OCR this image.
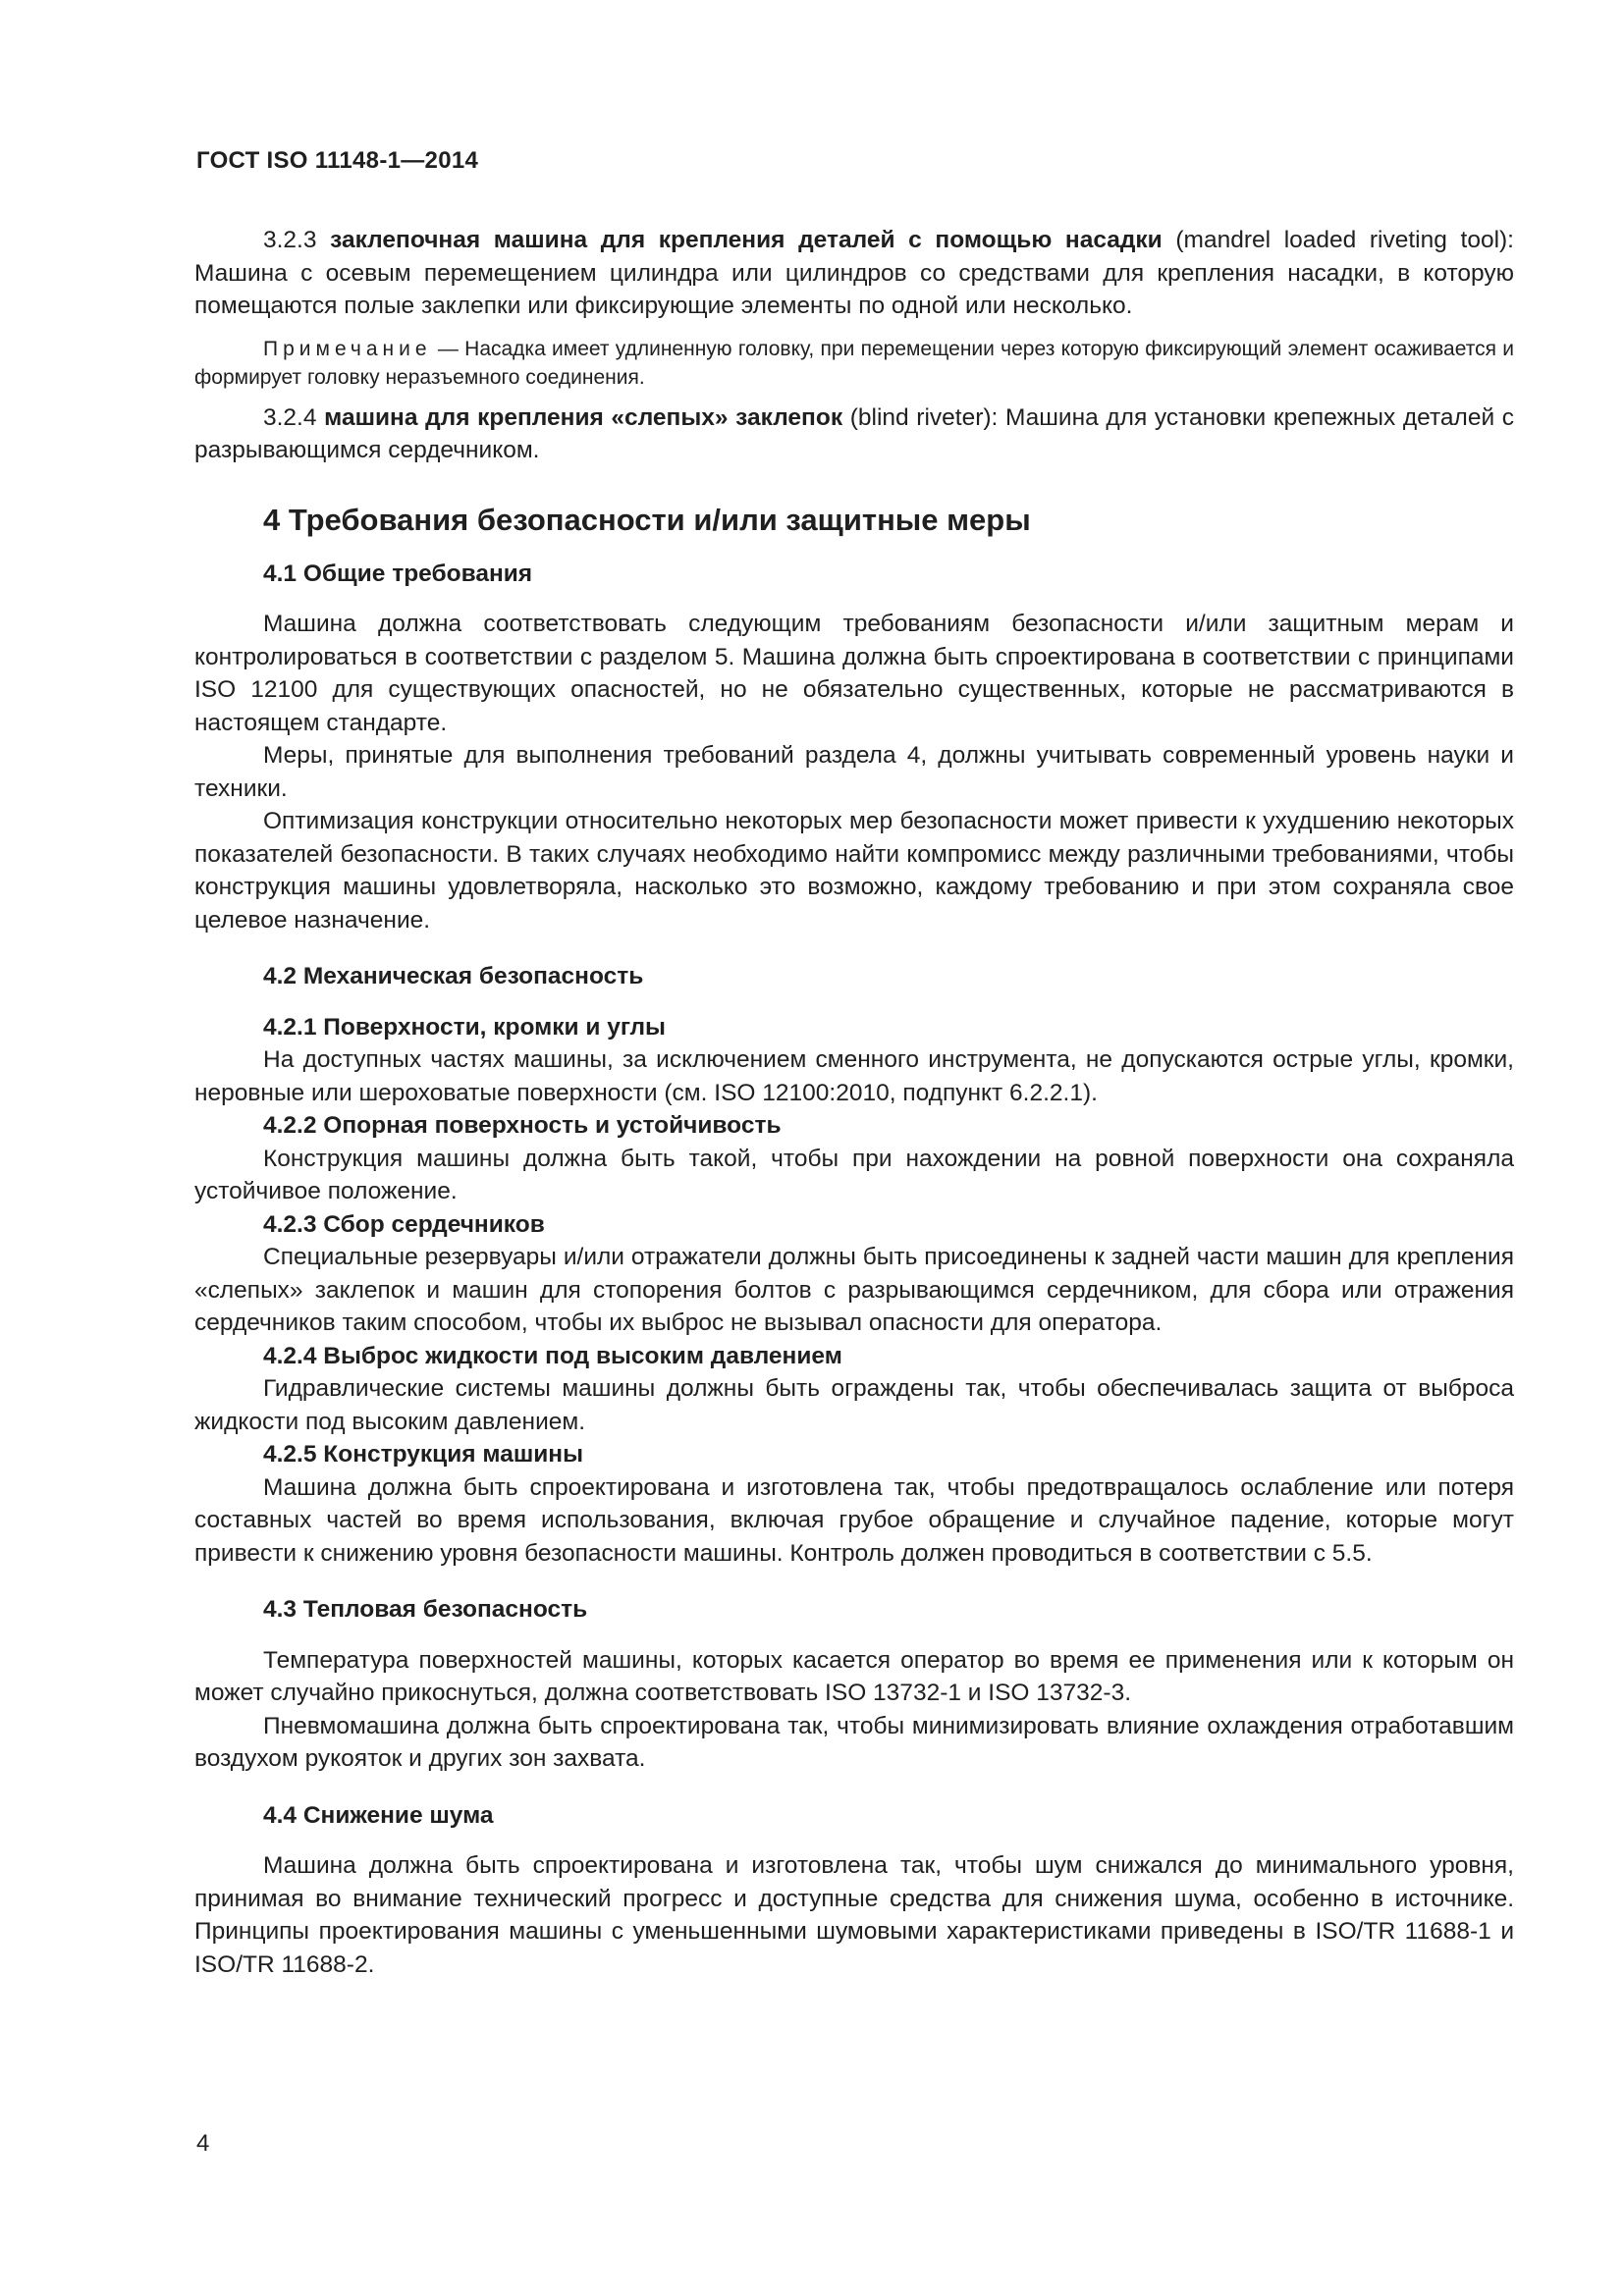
ГОСТ ISO 11148-1—2014

3.2.3 заклепочная машина для крепления деталей с помощью насадки (mandrel loaded riveting tool): Машина с осевым перемещением цилиндра или цилиндров со средствами для крепления насадки, в которую помещаются полые заклепки или фиксирующие элементы по одной или несколько.

Примечание — Насадка имеет удлиненную головку, при перемещении через которую фиксирующий элемент осаживается и формирует головку неразъемного соединения.

3.2.4 машина для крепления «слепых» заклепок (blind riveter): Машина для установки крепежных деталей с разрывающимся сердечником.

4 Требования безопасности и/или защитные меры
4.1 Общие требования

Машина должна соответствовать следующим требованиям безопасности и/или защитным мерам и контролироваться в соответствии с разделом 5. Машина должна быть спроектирована в соответствии с принципами ISO 12100 для существующих опасностей, но не обязательно существенных, которые не рассматриваются в настоящем стандарте.

Меры, принятые для выполнения требований раздела 4, должны учитывать современный уровень науки и техники.

Оптимизация конструкции относительно некоторых мер безопасности может привести к ухудшению некоторых показателей безопасности. В таких случаях необходимо найти компромисс между различными требованиями, чтобы конструкция машины удовлетворяла, насколько это возможно, каждому требованию и при этом сохраняла свое целевое назначение.

4.2 Механическая безопасность
4.2.1 Поверхности, кромки и углы

На доступных частях машины, за исключением сменного инструмента, не допускаются острые углы, кромки, неровные или шероховатые поверхности (см. ISO 12100:2010, подпункт 6.2.2.1).

4.2.2 Опорная поверхность и устойчивость

Конструкция машины должна быть такой, чтобы при нахождении на ровной поверхности она сохраняла устойчивое положение.

4.2.3 Сбор сердечников

Специальные резервуары и/или отражатели должны быть присоединены к задней части машин для крепления «слепых» заклепок и машин для стопорения болтов с разрывающимся сердечником, для сбора или отражения сердечников таким способом, чтобы их выброс не вызывал опасности для оператора.

4.2.4 Выброс жидкости под высоким давлением

Гидравлические системы машины должны быть ограждены так, чтобы обеспечивалась защита от выброса жидкости под высоким давлением.

4.2.5 Конструкция машины

Машина должна быть спроектирована и изготовлена так, чтобы предотвращалось ослабление или потеря составных частей во время использования, включая грубое обращение и случайное падение, которые могут привести к снижению уровня безопасности машины. Контроль должен проводиться в соответствии с 5.5.

4.3 Тепловая безопасность

Температура поверхностей машины, которых касается оператор во время ее применения или к которым он может случайно прикоснуться, должна соответствовать ISO 13732-1 и ISO 13732-3.

Пневмомашина должна быть спроектирована так, чтобы минимизировать влияние охлаждения отработавшим воздухом рукояток и других зон захвата.

4.4 Снижение шума

Машина должна быть спроектирована и изготовлена так, чтобы шум снижался до минимального уровня, принимая во внимание технический прогресс и доступные средства для снижения шума, особенно в источнике. Принципы проектирования машины с уменьшенными шумовыми характеристиками приведены в ISO/TR 11688-1 и ISO/TR 11688-2.

4
